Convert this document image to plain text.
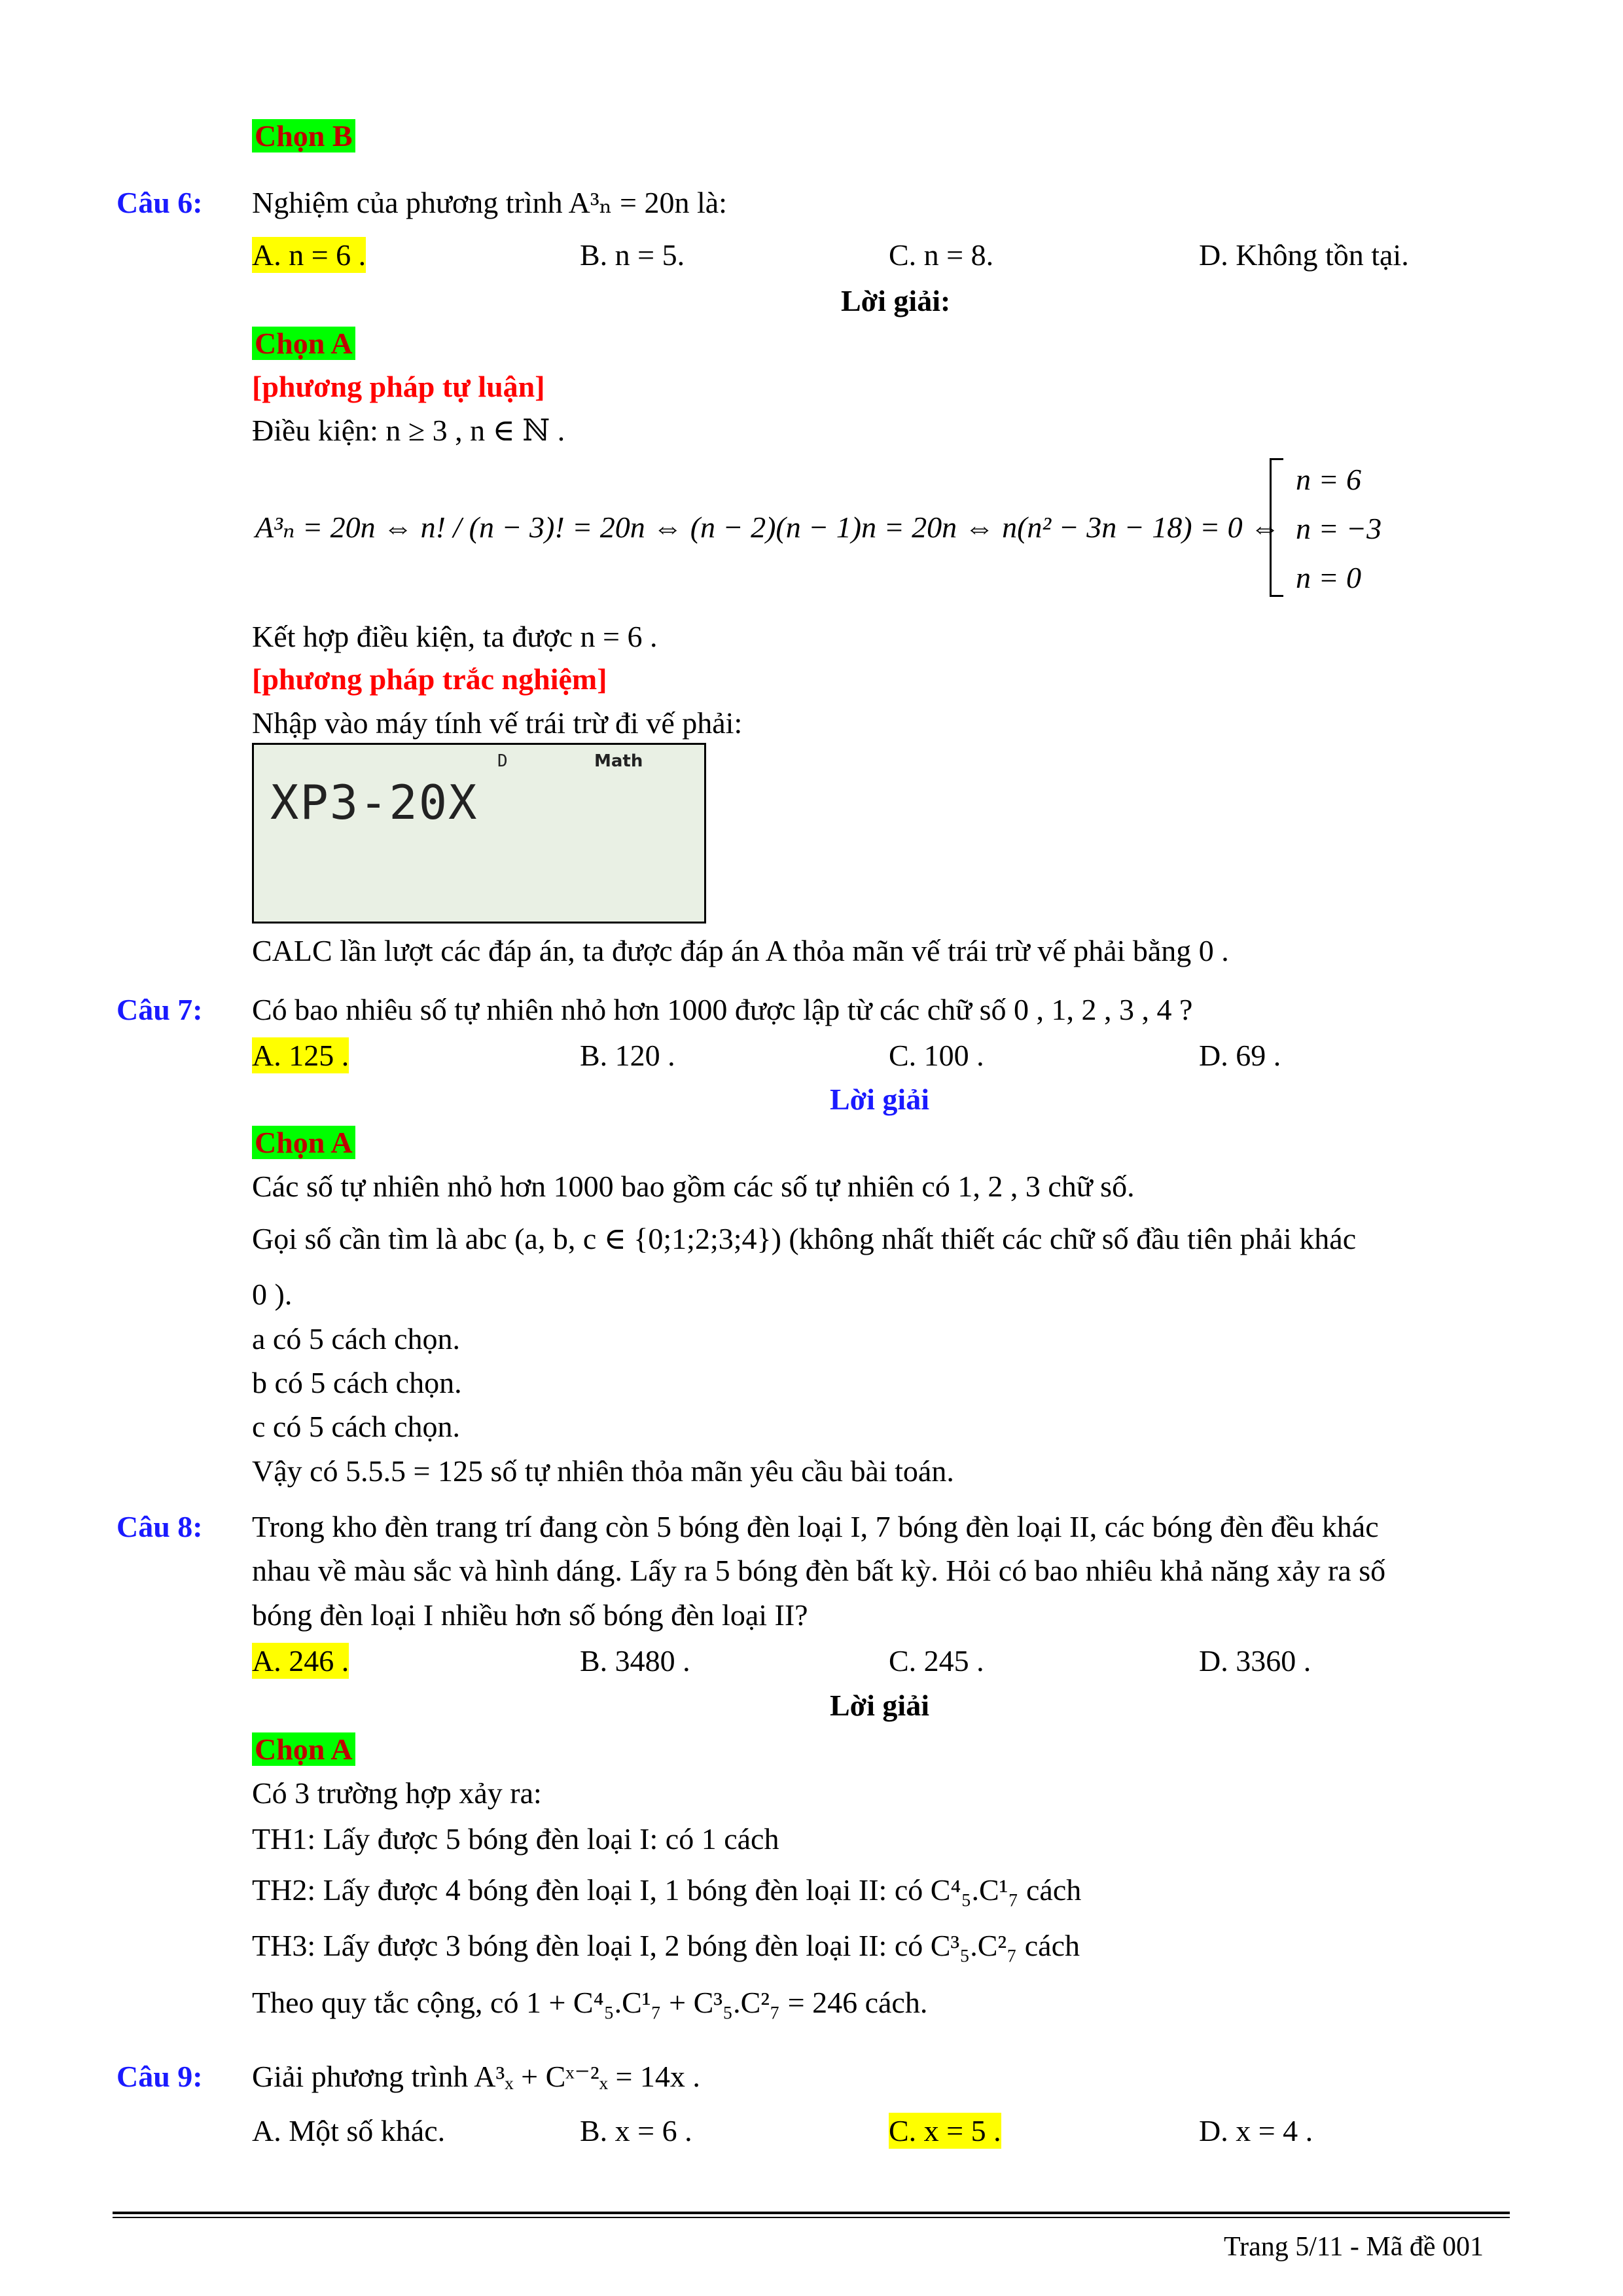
Chọn B
Câu 6: Nghiệm của phương trình A³ₙ = 20n là:
A. n = 6 .	B. n = 5.	C. n = 8.	D. Không tồn tại.
Lời giải:
Chọn A
[phương pháp tự luận]
Điều kiện: n ≥ 3 , n ∈ ℕ .
A³ₙ = 20n ⇔ n! / (n − 3)! = 20n ⇔ (n − 2)(n − 1)n = 20n ⇔ n(n² − 3n − 18) = 0 ⇔
n = 6
n = −3
n = 0
Kết hợp điều kiện, ta được n = 6 .
[phương pháp trắc nghiệm]
Nhập vào máy tính vế trái trừ đi vế phải:
D	Math
XP3-20X
CALC lần lượt các đáp án, ta được đáp án A thỏa mãn vế trái trừ vế phải bằng 0 .
Câu 7: Có bao nhiêu số tự nhiên nhỏ hơn 1000 được lập từ các chữ số 0 , 1, 2 , 3 , 4 ?
A. 125 .	B. 120 .	C. 100 .	D. 69 .
Lời giải
Chọn A
Các số tự nhiên nhỏ hơn 1000 bao gồm các số tự nhiên có 1, 2 , 3 chữ số.
Gọi số cần tìm là abc (a, b, c ∈ {0;1;2;3;4}) (không nhất thiết các chữ số đầu tiên phải khác
0 ).
a có 5 cách chọn.
b có 5 cách chọn.
c có 5 cách chọn.
Vậy có 5.5.5 = 125 số tự nhiên thỏa mãn yêu cầu bài toán.
Câu 8: Trong kho đèn trang trí đang còn 5 bóng đèn loại I, 7 bóng đèn loại II, các bóng đèn đều khác
nhau về màu sắc và hình dáng. Lấy ra 5 bóng đèn bất kỳ. Hỏi có bao nhiêu khả năng xảy ra số
bóng đèn loại I nhiều hơn số bóng đèn loại II?
A. 246 .	B. 3480 .	C. 245 .	D. 3360 .
Lời giải
Chọn A
Có 3 trường hợp xảy ra:
TH1: Lấy được 5 bóng đèn loại I: có 1 cách
TH2: Lấy được 4 bóng đèn loại I, 1 bóng đèn loại II: có C⁴₅.C¹₇ cách
TH3: Lấy được 3 bóng đèn loại I, 2 bóng đèn loại II: có C³₅.C²₇ cách
Theo quy tắc cộng, có 1 + C⁴₅.C¹₇ + C³₅.C²₇ = 246 cách.
Câu 9: Giải phương trình A³ₓ + Cˣ⁻²ₓ = 14x .
A. Một số khác.	B. x = 6 .	C. x = 5 .	D. x = 4 .
Trang 5/11 - Mã đề 001
